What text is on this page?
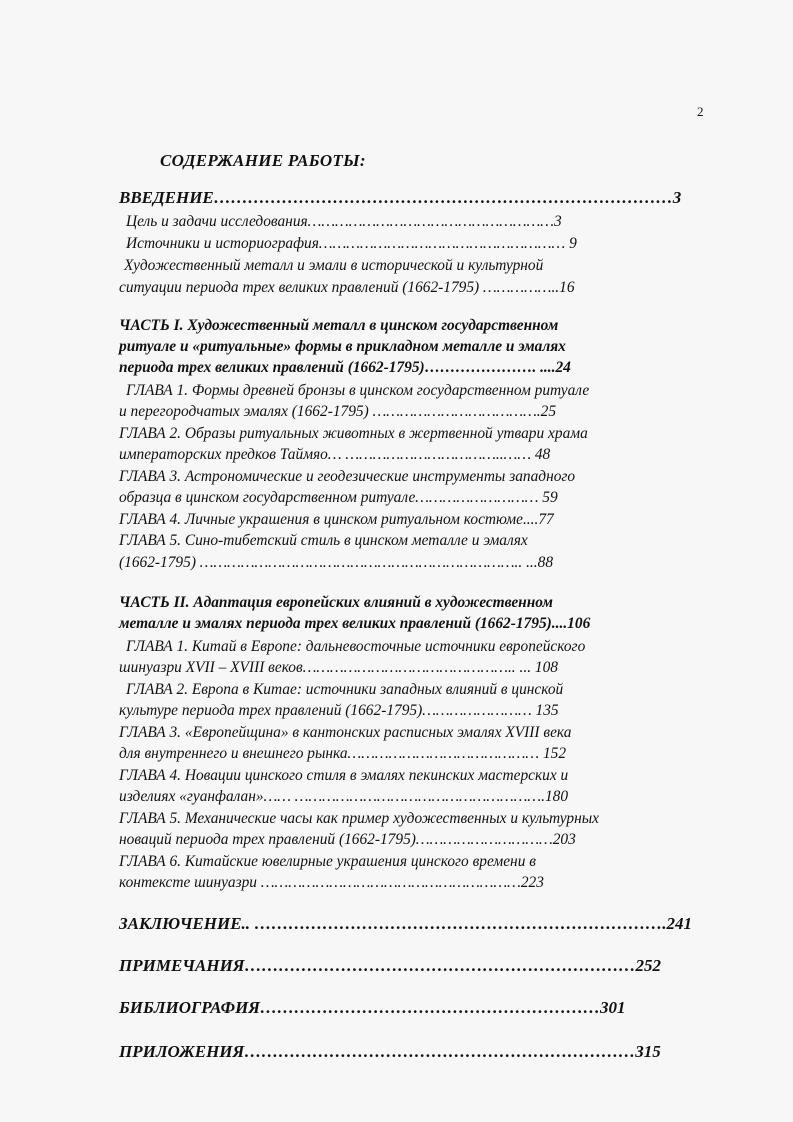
2
СОДЕРЖАНИЕ РАБОТЫ:
ВВЕДЕНИЕ………………………………………………………………………3
Цель и задачи исследования………………………………………………3
Источники и историография……………………………………………… 9
Художественный металл и эмали в исторической и культурной
ситуации периода трех великих правлений (1662-1795) ……………..16
ЧАСТЬ I. Художественный металл в цинском государственном
ритуале и «ритуальные» формы в прикладном металле и эмалях
периода трех великих правлений (1662-1795)…………………. ....24
ГЛАВА 1. Формы древней бронзы в цинском государственном ритуале
и перегородчатых эмалях (1662-1795) ……………………………….25
ГЛАВА 2. Образы ритуальных животных в жертвенной утвари храма
императорских предков Таймяо… ……………………………..…… 48
ГЛАВА 3. Астрономические и геодезические инструменты западного
образца в цинском государственном ритуале……………………… 59
ГЛАВА 4. Личные украшения в цинском ритуальном костюме....77
ГЛАВА 5. Сино-тибетский стиль в цинском металле и эмалях
(1662-1795) …………………………………………………………….. ...88
ЧАСТЬ II. Адаптация европейских влияний в художественном
металле и эмалях периода трех великих правлений (1662-1795)....106
ГЛАВА 1. Китай в Европе: дальневосточные источники европейского
шинуазри XVII – XVIII веков……………………………………….. ... 108
ГЛАВА 2. Европа в Китае: источники западных влияний в цинской
культуре периода трех правлений (1662-1795)…………………… 135
ГЛАВА 3. «Европейщина» в кантонских расписных эмалях XVIII века
для внутреннего и внешнего рынка…………………………………… 152
ГЛАВА 4. Новации цинского стиля в эмалях пекинских мастерских и
изделиях «гуанфалан»…… ……………………………………………….180
ГЛАВА 5. Механические часы как пример художественных и культурных
новаций периода трех правлений (1662-1795)…………………………203
ГЛАВА 6. Китайские ювелирные украшения цинского времени в
контексте шинуазри …………………………………………………223
ЗАКЛЮЧЕНИЕ.. ……………………………………………………………….241
ПРИМЕЧАНИЯ……………………………………………………………252
БИБЛИОГРАФИЯ……………………………………………………301
ПРИЛОЖЕНИЯ……………………………………………………………315
